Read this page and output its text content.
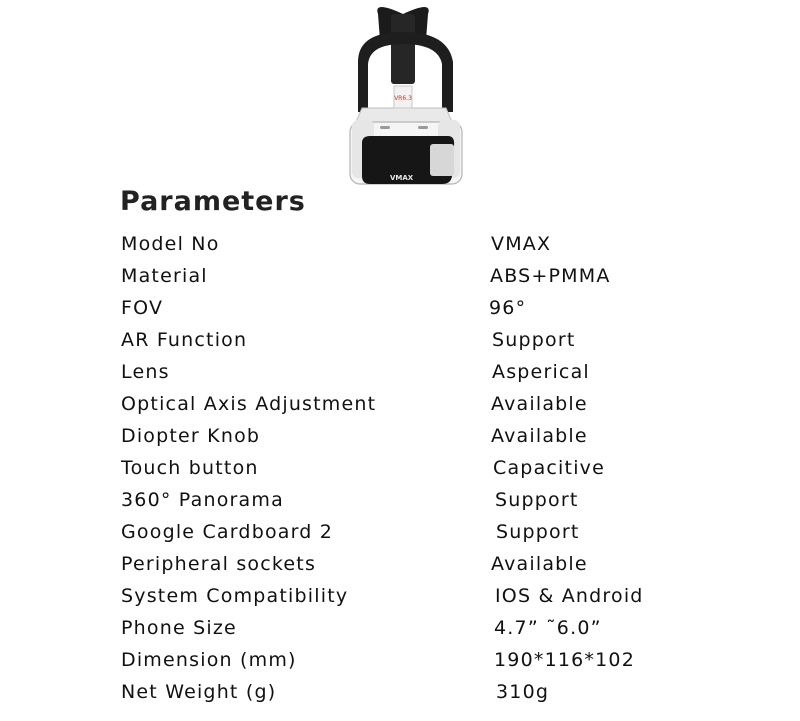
VR6.3
VMAX
Parameters
Model No	VMAX
Material	ABS+PMMA
FOV	96°
AR Function	Support
Lens	Asperical
Optical Axis Adjustment	Available
Diopter Knob	Available
Touch button	Capacitive
360° Panorama	Support
Google Cardboard 2	Support
Peripheral sockets	Available
System Compatibility	IOS & Android
Phone Size	4.7” ˜6.0”
Dimension (mm)	190*116*102
Net Weight (g)	310g
